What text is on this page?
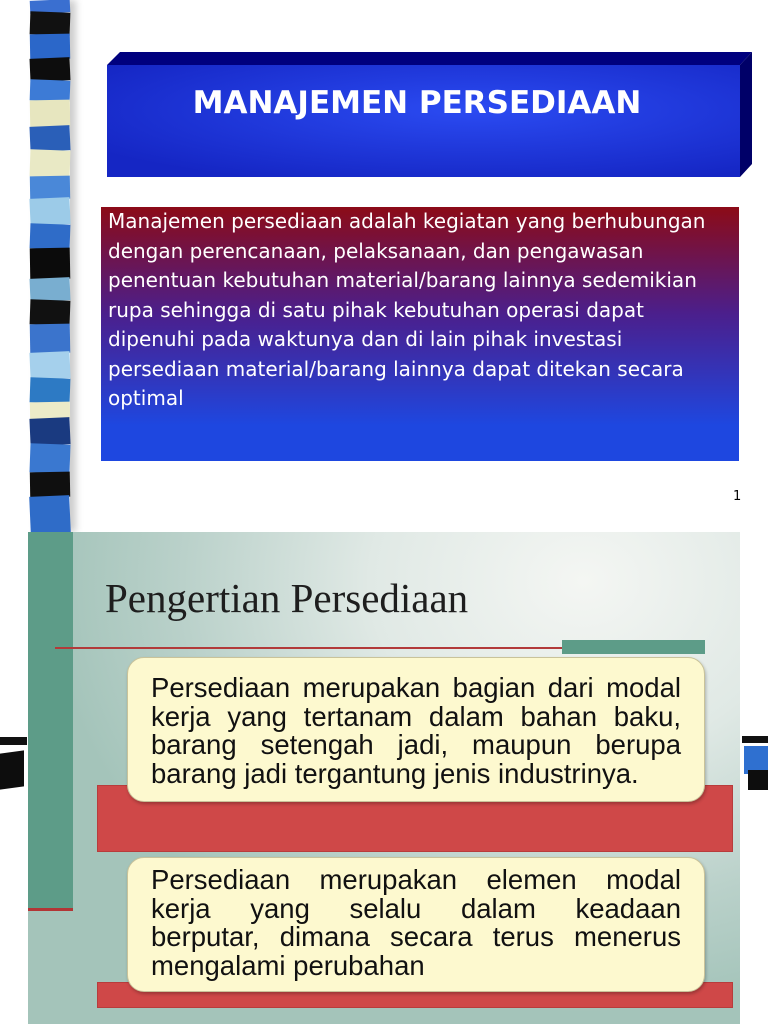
MANAJEMEN PERSEDIAAN
Manajemen persediaan adalah kegiatan yang berhubungan
dengan perencanaan, pelaksanaan, dan pengawasan
penentuan kebutuhan material/barang lainnya sedemikian
rupa sehingga di satu pihak kebutuhan operasi dapat
dipenuhi pada waktunya dan di lain pihak investasi
persediaan material/barang lainnya dapat ditekan secara
optimal
1
Pengertian Persediaan
Persediaan merupakan bagian dari modal
kerja yang tertanam dalam bahan baku,
barang setengah jadi, maupun berupa
barang jadi tergantung jenis industrinya.
Persediaan merupakan elemen modal
kerja yang selalu dalam keadaan
berputar, dimana secara terus menerus
mengalami perubahan
